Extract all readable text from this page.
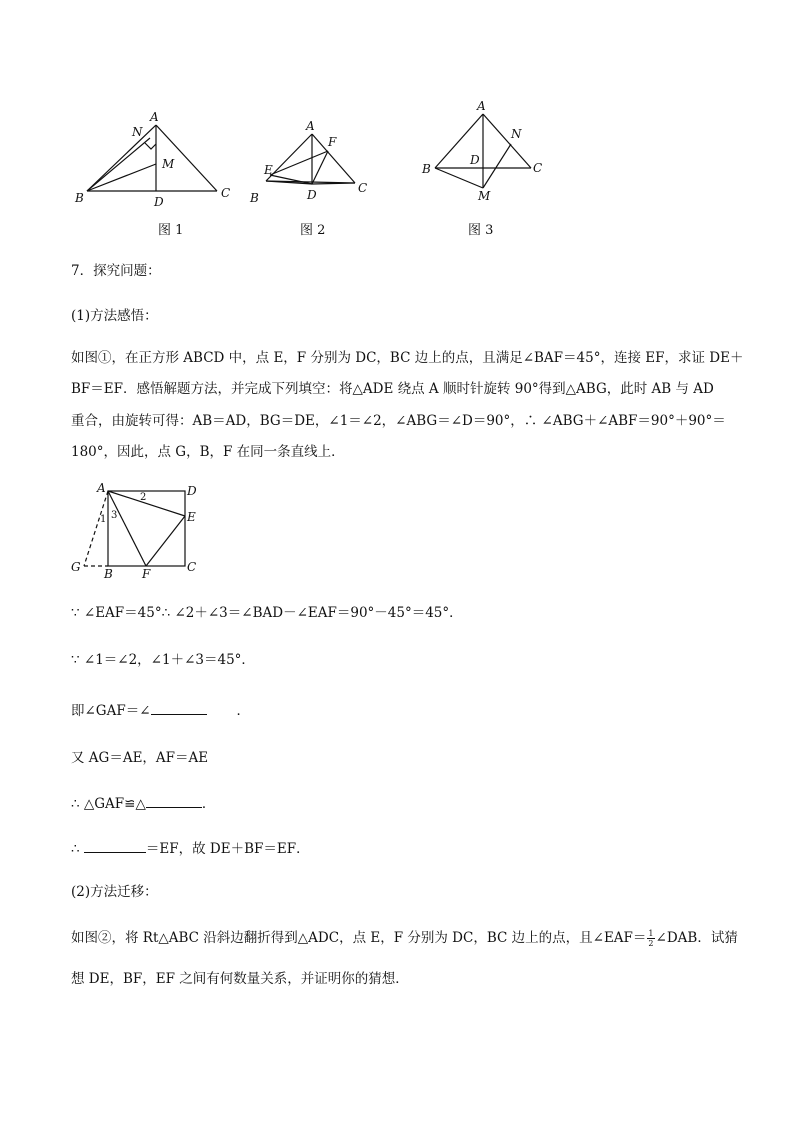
A
N
M
B	D
C
图 1
A
F
E
D	C
B
图 2
A
N
D
C
B
M
图 3
7．探究问题：
(1)方法感悟：
如图①，在正方形 ABCD 中，点 E，F 分别为 DC，BC 边上的点，且满足∠BAF＝45°，连接 EF，求证 DE＋
BF＝EF．感悟解题方法，并完成下列填空：将△ADE 绕点 A 顺时针旋转 90°得到△ABG，此时 AB 与 AD
重合，由旋转可得：AB＝AD，BG＝DE，∠1＝∠2，∠ABG＝∠D＝90°，∴ ∠ABG＋∠ABF＝90°＋90°＝
180°，因此，点 G，B，F 在同一条直线上．
A	D
E
G B F	C
1
2
3
∵ ∠EAF＝45°∴ ∠2＋∠3＝∠BAD－∠EAF＝90°－45°＝45°．
∵ ∠1＝∠2，∠1＋∠3＝45°．
即∠GAF＝∠	．
又 AG＝AE，AF＝AE
∴ △GAF≌△	．
∴	＝EF，故 DE＋BF＝EF．
(2)方法迁移：
如图②，将 Rt△ABC 沿斜边翻折得到△ADC，点 E，F 分别为 DC，BC 边上的点，且∠EAF＝ $\frac{1}{2}$ ∠DAB．试猜
想 DE，BF，EF 之间有何数量关系，并证明你的猜想．
